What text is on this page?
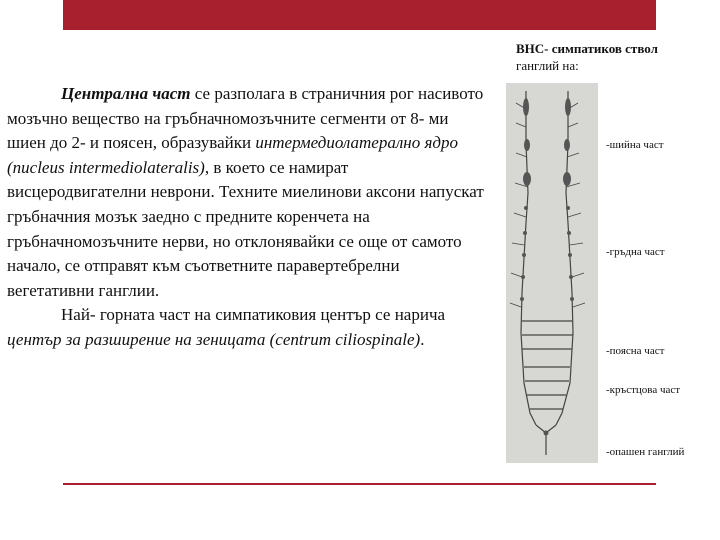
Централна част се разполага в страничния рог насивото мозъчно вещество на гръбначномозъчните сегменти от 8- ми шиен до 2- и поясен, образувайки интермедиолатерално ядро (nucleus intermediolateralis), в което се намират висцеродвигателни неврони. Техните миелинови аксони напускат гръбначния мозък заедно с предните коренчета на гръбначномозъчните нерви, но отклонявайки се още от самото начало, се отправят към съответните паравертебрелни вегетативни ганглии.

Най- горната част на симпатиковия център се нарича център за разширение на зеницата (centrum ciliospinale).

ВНС- симпатиков ствол
ганглий на:
-шийна част
-гръдна част
-поясна част
-кръстцова част
-опашен ганглий
